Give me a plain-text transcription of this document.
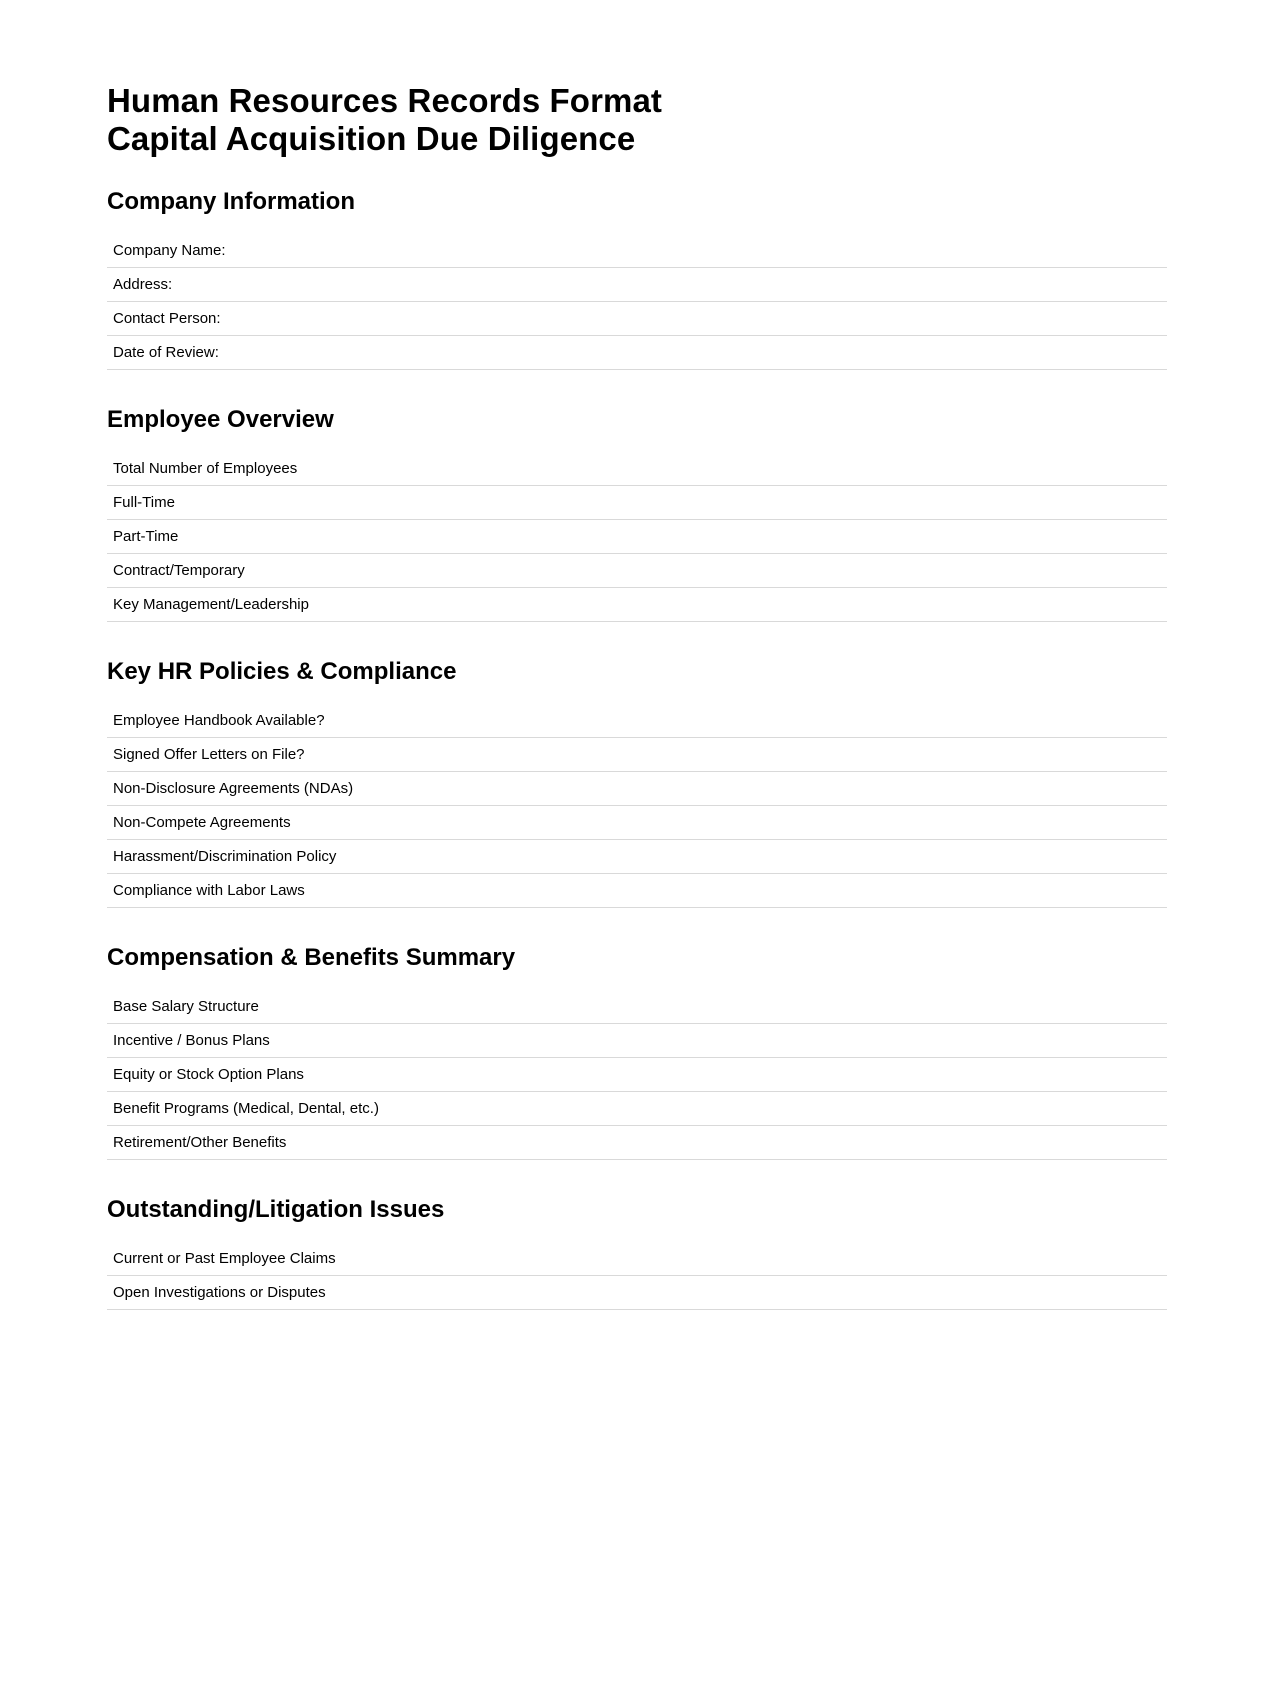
Human Resources Records Format
Capital Acquisition Due Diligence
Company Information
Company Name:
Address:
Contact Person:
Date of Review:
Employee Overview
Total Number of Employees
Full-Time
Part-Time
Contract/Temporary
Key Management/Leadership
Key HR Policies & Compliance
Employee Handbook Available?
Signed Offer Letters on File?
Non-Disclosure Agreements (NDAs)
Non-Compete Agreements
Harassment/Discrimination Policy
Compliance with Labor Laws
Compensation & Benefits Summary
Base Salary Structure
Incentive / Bonus Plans
Equity or Stock Option Plans
Benefit Programs (Medical, Dental, etc.)
Retirement/Other Benefits
Outstanding/Litigation Issues
Current or Past Employee Claims
Open Investigations or Disputes
